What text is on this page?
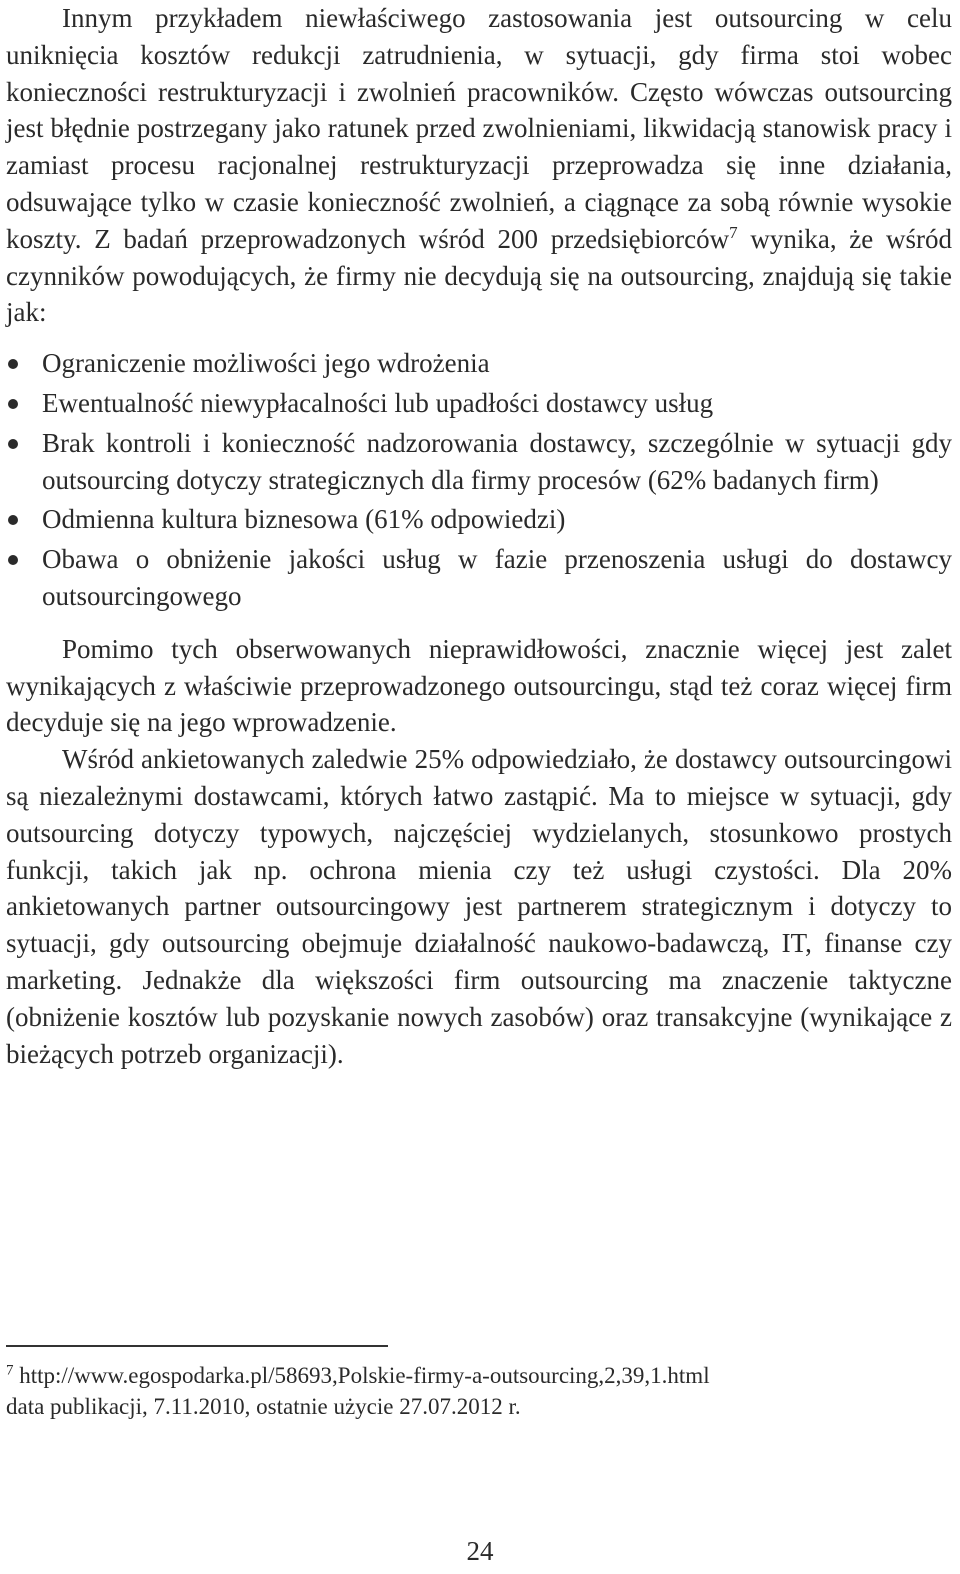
Innym przykładem niewłaściwego zastosowania jest outsourcing w celu uniknięcia kosztów redukcji zatrudnienia, w sytuacji, gdy firma stoi wobec konieczności restrukturyzacji i zwolnień pracowników. Często wówczas outsourcing jest błędnie postrzegany jako ratunek przed zwolnieniami, likwidacją stanowisk pracy i zamiast procesu racjonalnej restrukturyzacji przeprowadza się inne działania, odsuwające tylko w czasie konieczność zwolnień, a ciągnące za sobą równie wysokie koszty. Z badań przeprowadzonych wśród 200 przedsiębiorców$^7$ wynika, że wśród czynników powodujących, że firmy nie decydują się na outsourcing, znajdują się takie jak:

Ograniczenie możliwości jego wdrożenia
Ewentualność niewypłacalności lub upadłości dostawcy usług
Brak kontroli i konieczność nadzorowania dostawcy, szczególnie w sytuacji gdy outsourcing dotyczy strategicznych dla firmy procesów (62% badanych firm)
Odmienna kultura biznesowa (61% odpowiedzi)
Obawa o obniżenie jakości usług w fazie przenoszenia usługi do dostawcy outsourcingowego

Pomimo tych obserwowanych nieprawidłowości, znacznie więcej jest zalet wynikających z właściwie przeprowadzonego outsourcingu, stąd też coraz więcej firm decyduje się na jego wprowadzenie.

Wśród ankietowanych zaledwie 25% odpowiedziało, że dostawcy outsourcingowi są niezależnymi dostawcami, których łatwo zastąpić. Ma to miejsce w sytuacji, gdy outsourcing dotyczy typowych, najczęściej wydzielanych, stosunkowo prostych funkcji, takich jak np. ochrona mienia czy też usługi czystości. Dla 20% ankietowanych partner outsourcingowy jest partnerem strategicznym i dotyczy to sytuacji, gdy outsourcing obejmuje działalność naukowo-badawczą, IT, finanse czy marketing. Jednakże dla większości firm outsourcing ma znaczenie taktyczne (obniżenie kosztów lub pozyskanie nowych zasobów) oraz transakcyjne (wynikające z bieżących potrzeb organizacji).

$^7$ http://www.egospodarka.pl/58693,Polskie-firmy-a-outsourcing,2,39,1.html
data publikacji, 7.11.2010, ostatnie użycie 27.07.2012 r.
24
